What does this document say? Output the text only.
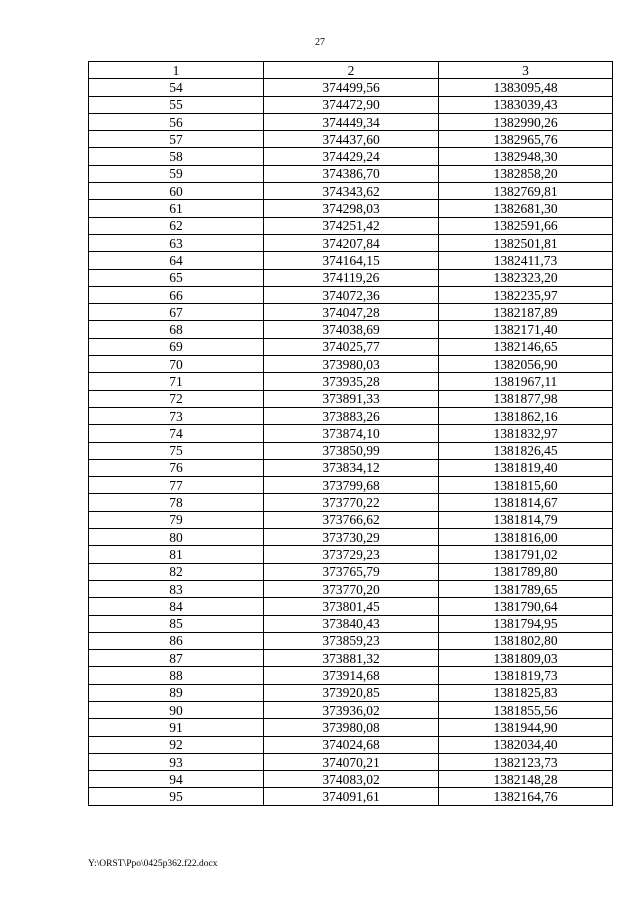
27
1	2	3
54	374499,56	1383095,48
55	374472,90	1383039,43
56	374449,34	1382990,26
57	374437,60	1382965,76
58	374429,24	1382948,30
59	374386,70	1382858,20
60	374343,62	1382769,81
61	374298,03	1382681,30
62	374251,42	1382591,66
63	374207,84	1382501,81
64	374164,15	1382411,73
65	374119,26	1382323,20
66	374072,36	1382235,97
67	374047,28	1382187,89
68	374038,69	1382171,40
69	374025,77	1382146,65
70	373980,03	1382056,90
71	373935,28	1381967,11
72	373891,33	1381877,98
73	373883,26	1381862,16
74	373874,10	1381832,97
75	373850,99	1381826,45
76	373834,12	1381819,40
77	373799,68	1381815,60
78	373770,22	1381814,67
79	373766,62	1381814,79
80	373730,29	1381816,00
81	373729,23	1381791,02
82	373765,79	1381789,80
83	373770,20	1381789,65
84	373801,45	1381790,64
85	373840,43	1381794,95
86	373859,23	1381802,80
87	373881,32	1381809,03
88	373914,68	1381819,73
89	373920,85	1381825,83
90	373936,02	1381855,56
91	373980,08	1381944,90
92	374024,68	1382034,40
93	374070,21	1382123,73
94	374083,02	1382148,28
95	374091,61	1382164,76
Y:\ORST\Ppo\0425p362.f22.docx
